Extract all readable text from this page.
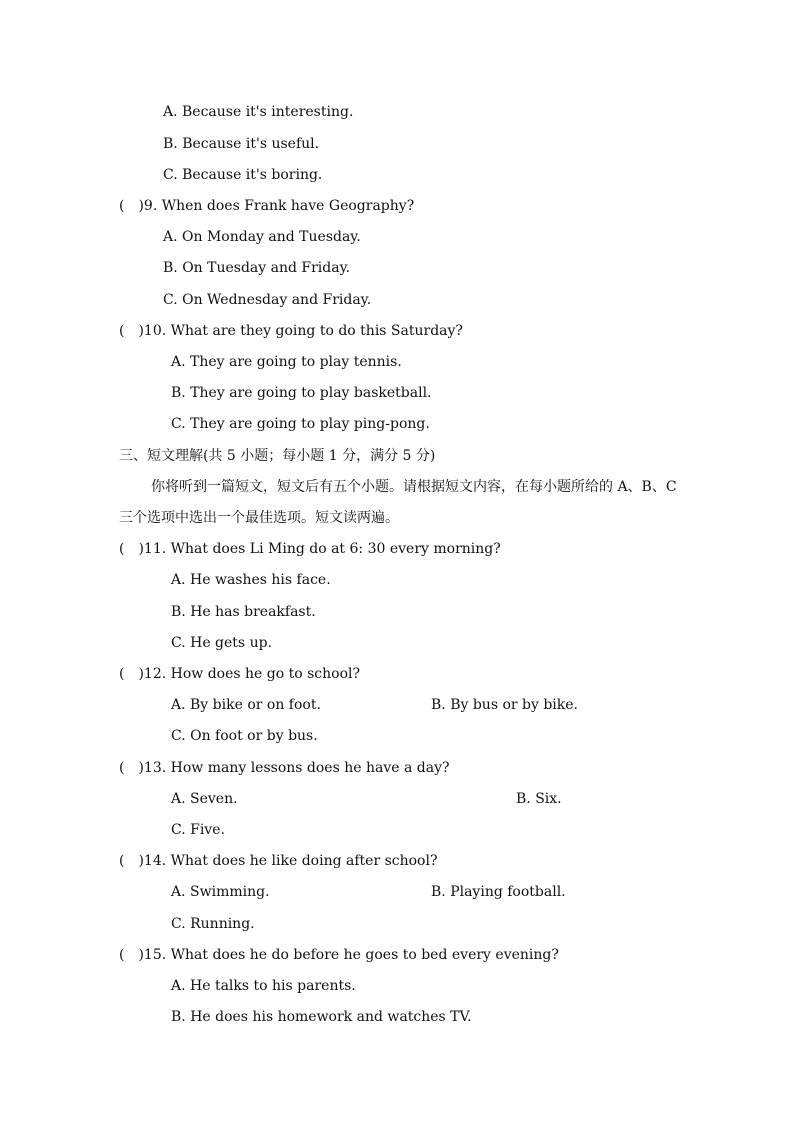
A. Because it's interesting.
B. Because it's useful.
C. Because it's boring.
(　)9. When does Frank have Geography?
A. On Monday and Tuesday.
B. On Tuesday and Friday.
C. On Wednesday and Friday.
(　)10. What are they going to do this Saturday?
A. They are going to play tennis.
B. They are going to play basketball.
C. They are going to play ping-pong.
三、短文理解(共 5 小题；每小题 1 分，满分 5 分)
你将听到一篇短文，短文后有五个小题。请根据短文内容，在每小题所给的 A、B、C 三个选项中选出一个最佳选项。短文读两遍。
(　)11. What does Li Ming do at 6: 30 every morning?
A. He washes his face.
B. He has breakfast.
C. He gets up.
(　)12. How does he go to school?
A. By bike or on foot.	B. By bus or by bike.
C. On foot or by bus.
(　)13. How many lessons does he have a day?
A. Seven.	B. Six.
C. Five.
(　)14. What does he like doing after school?
A. Swimming.	B. Playing football.
C. Running.
(　)15. What does he do before he goes to bed every evening?
A. He talks to his parents.
B. He does his homework and watches TV.
